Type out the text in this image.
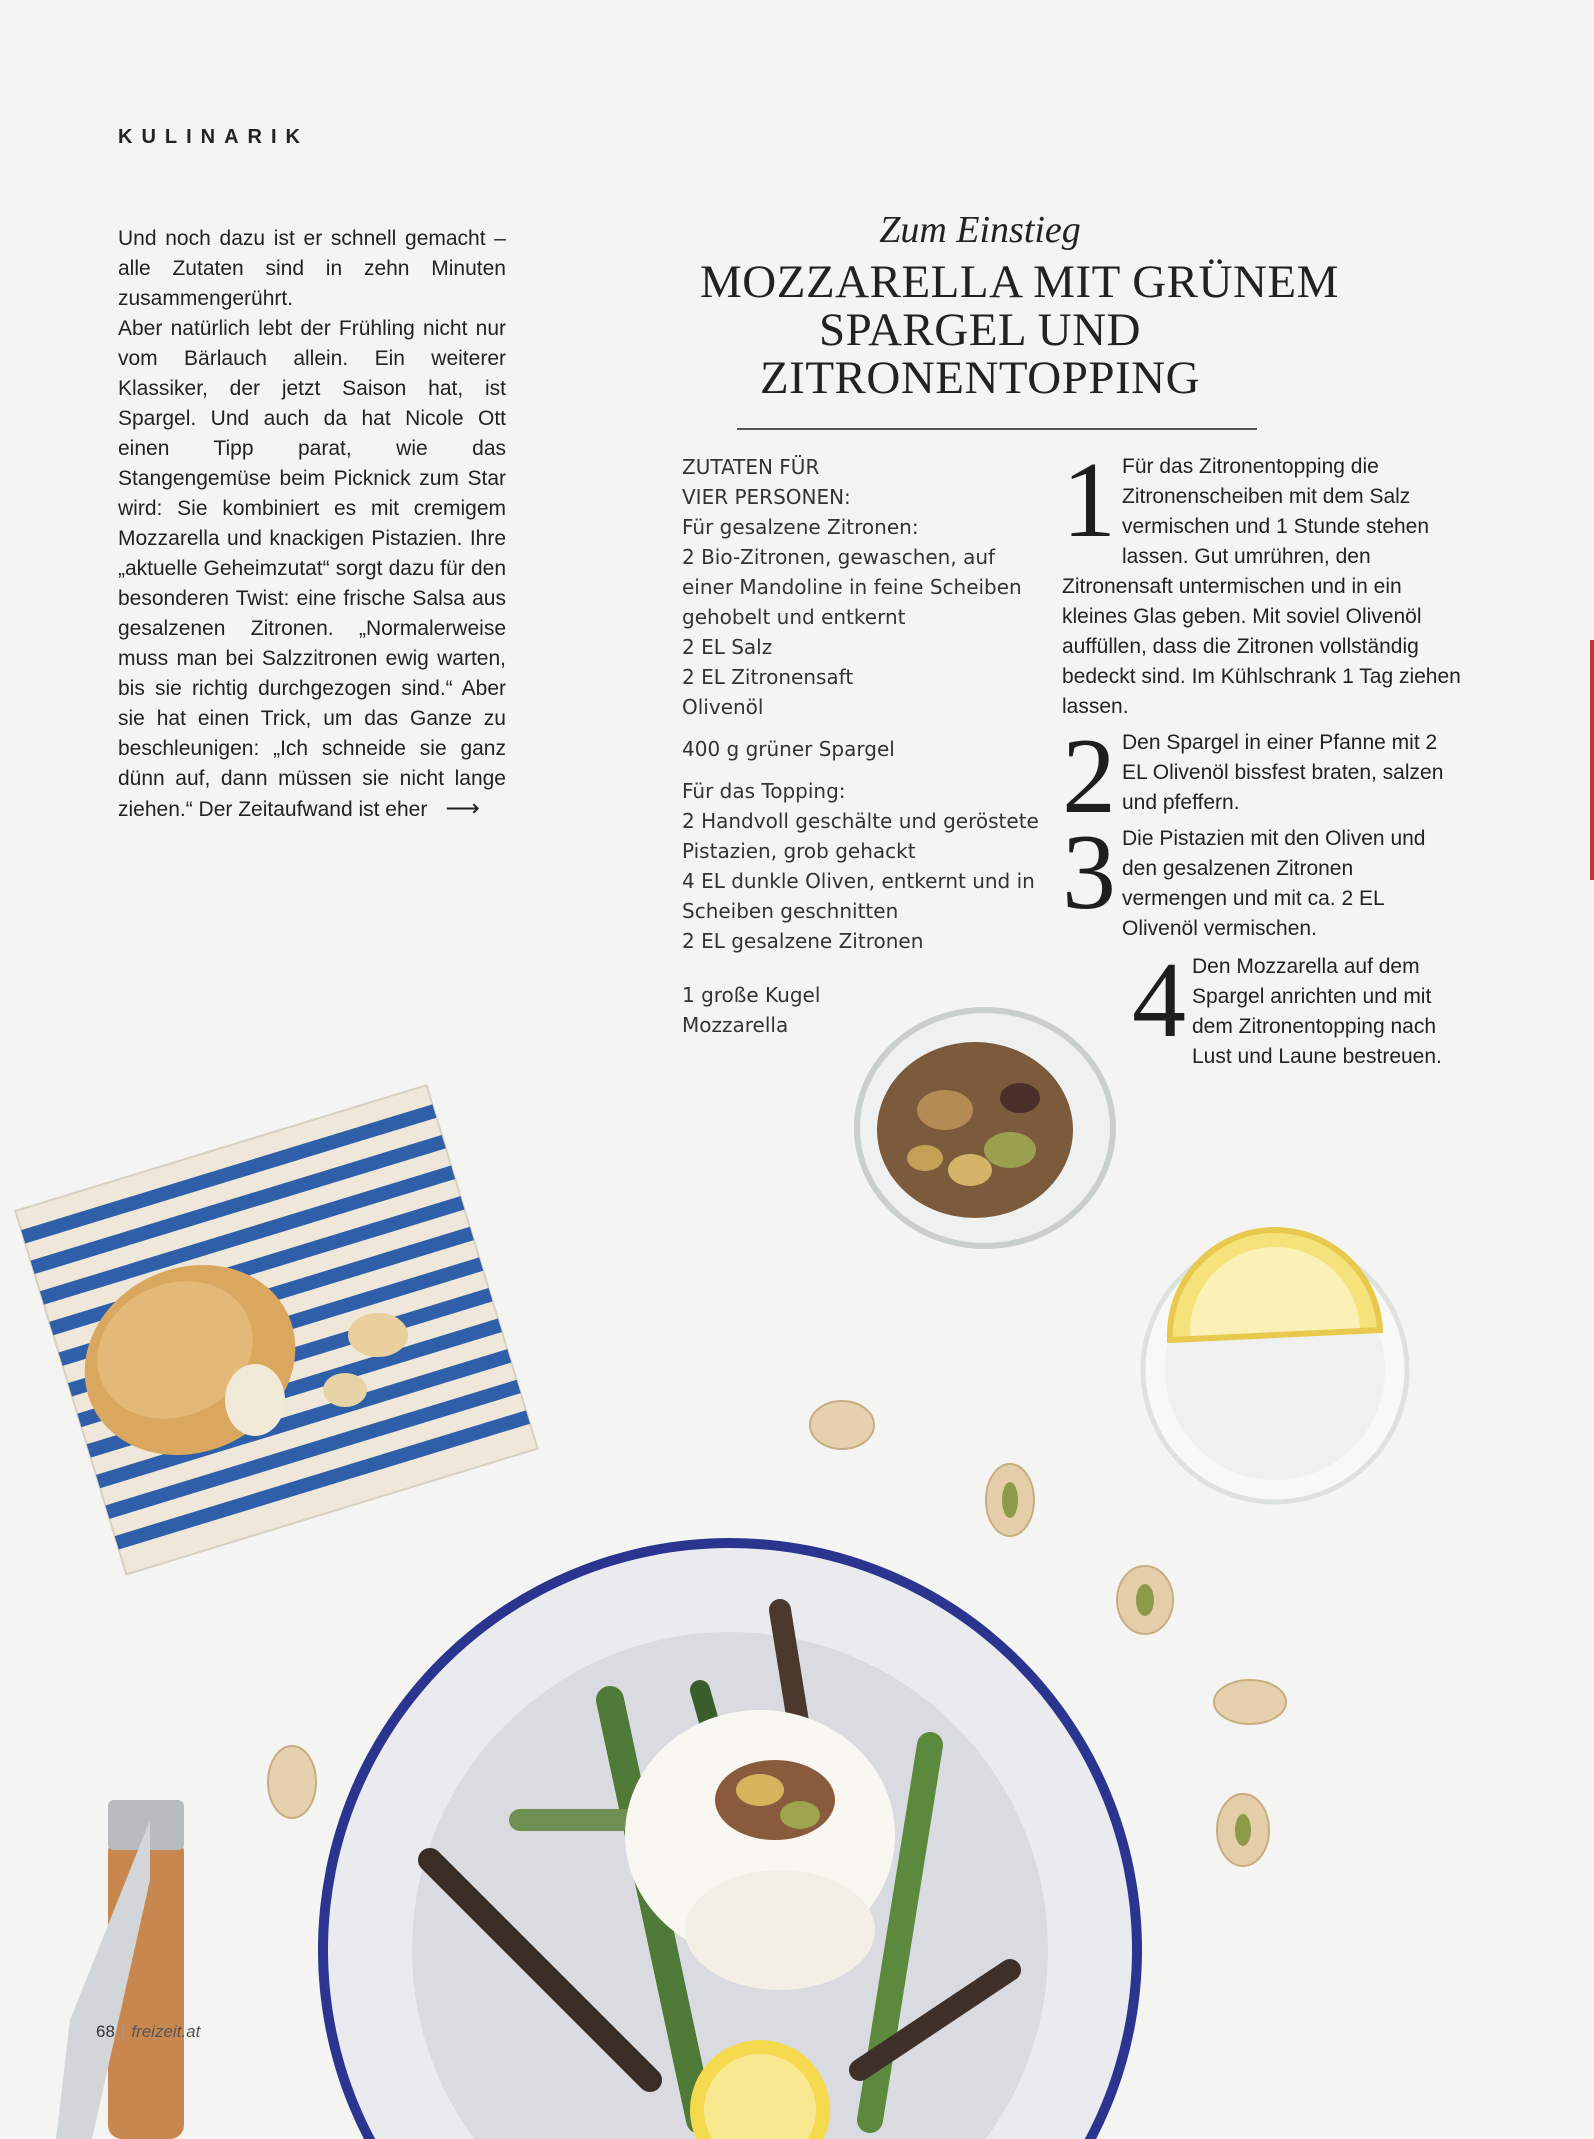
KULINARIK

Und noch dazu ist er schnell gemacht – alle Zutaten sind in zehn Minuten zusammengerührt.

Aber natürlich lebt der Frühling nicht nur vom Bärlauch allein. Ein weiterer Klassiker, der jetzt Saison hat, ist Spargel. Und auch da hat Nicole Ott einen Tipp parat, wie das Stangengemüse beim Picknick zum Star wird: Sie kombiniert es mit cremigem Mozzarella und knackigen Pistazien. Ihre „aktuelle Geheimzutat“ sorgt dazu für den besonderen Twist: eine frische Salsa aus gesalzenen Zitronen. „Normalerweise muss man bei Salzzitronen ewig warten, bis sie richtig durchgezogen sind.“ Aber sie hat einen Trick, um das Ganze zu beschleunigen: „Ich schneide sie ganz dünn auf, dann müssen sie nicht lange ziehen.“ Der Zeitaufwand ist eher ⟶

Zum Einstieg
MOZZARELLA MIT GRÜNEM
SPARGEL UND
ZITRONENTOPPING
ZUTATEN FÜR
VIER PERSONEN:
Für gesalzene Zitronen:
2 Bio-Zitronen, gewaschen, auf
einer Mandoline in feine Scheiben
gehobelt und entkernt
2 EL Salz
2 EL Zitronensaft
Olivenöl
400 g grüner Spargel
Für das Topping:
2 Handvoll geschälte und geröstete
Pistazien, grob gehackt
4 EL dunkle Oliven, entkernt und in
Scheiben geschnitten
2 EL gesalzene Zitronen
1 große Kugel
Mozzarella
1 Für das Zitronentopping die Zitronenscheiben mit dem Salz vermischen und 1 Stunde stehen lassen. Gut umrühren, den Zitronensaft untermischen und in ein kleines Glas geben. Mit soviel Olivenöl auffüllen, dass die Zitronen vollständig bedeckt sind. Im Kühlschrank 1 Tag ziehen lassen.
2 Den Spargel in einer Pfanne mit 2 EL Olivenöl bissfest braten, salzen und pfeffern.
3 Die Pistazien mit den Oliven und den gesalzenen Zitronen vermengen und mit ca. 2 EL Olivenöl vermischen.
4 Den Mozzarella auf dem Spargel anrichten und mit dem Zitronentopping nach Lust und Laune bestreuen.
68 | freizeit.at
